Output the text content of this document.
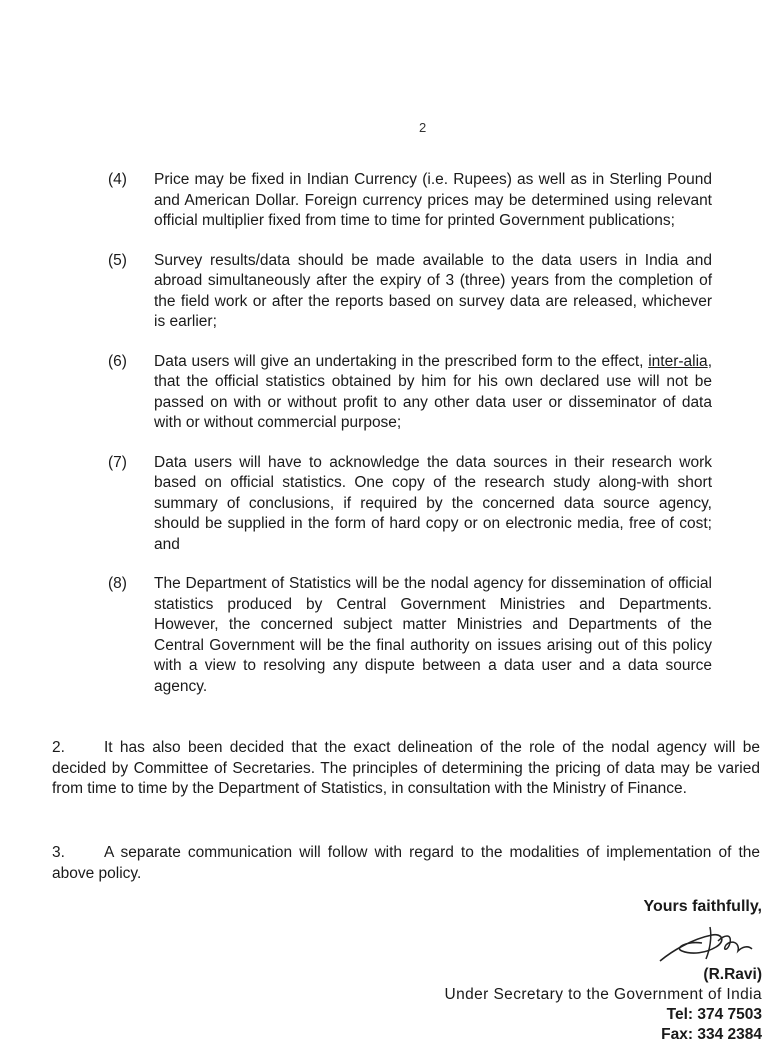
2
(4)	Price may be fixed in Indian Currency (i.e. Rupees) as well as in Sterling Pound and American Dollar. Foreign currency prices may be determined using relevant official multiplier fixed from time to time for printed Government publications;
(5)	Survey results/data should be made available to the data users in India and abroad simultaneously after the expiry of 3 (three) years from the completion of the field work or after the reports based on survey data are released, whichever is earlier;
(6)	Data users will give an undertaking in the prescribed form to the effect, inter-alia, that the official statistics obtained by him for his own declared use will not be passed on with or without profit to any other data user or disseminator of data with or without commercial purpose;
(7)	Data users will have to acknowledge the data sources in their research work based on official statistics. One copy of the research study along-with short summary of conclusions, if required by the concerned data source agency, should be supplied in the form of hard copy or on electronic media, free of cost; and
(8)	The Department of Statistics will be the nodal agency for dissemination of official statistics produced by Central Government Ministries and Departments. However, the concerned subject matter Ministries and Departments of the Central Government will be the final authority on issues arising out of this policy with a view to resolving any dispute between a data user and a data source agency.
2.	It has also been decided that the exact delineation of the role of the nodal agency will be decided by Committee of Secretaries. The principles of determining the pricing of data may be varied from time to time by the Department of Statistics, in consultation with the Ministry of Finance.
3.	A separate communication will follow with regard to the modalities of implementation of the above policy.
Yours faithfully,
(R.Ravi)
Under Secretary to the Government of India
Tel: 374 7503
Fax: 334 2384
